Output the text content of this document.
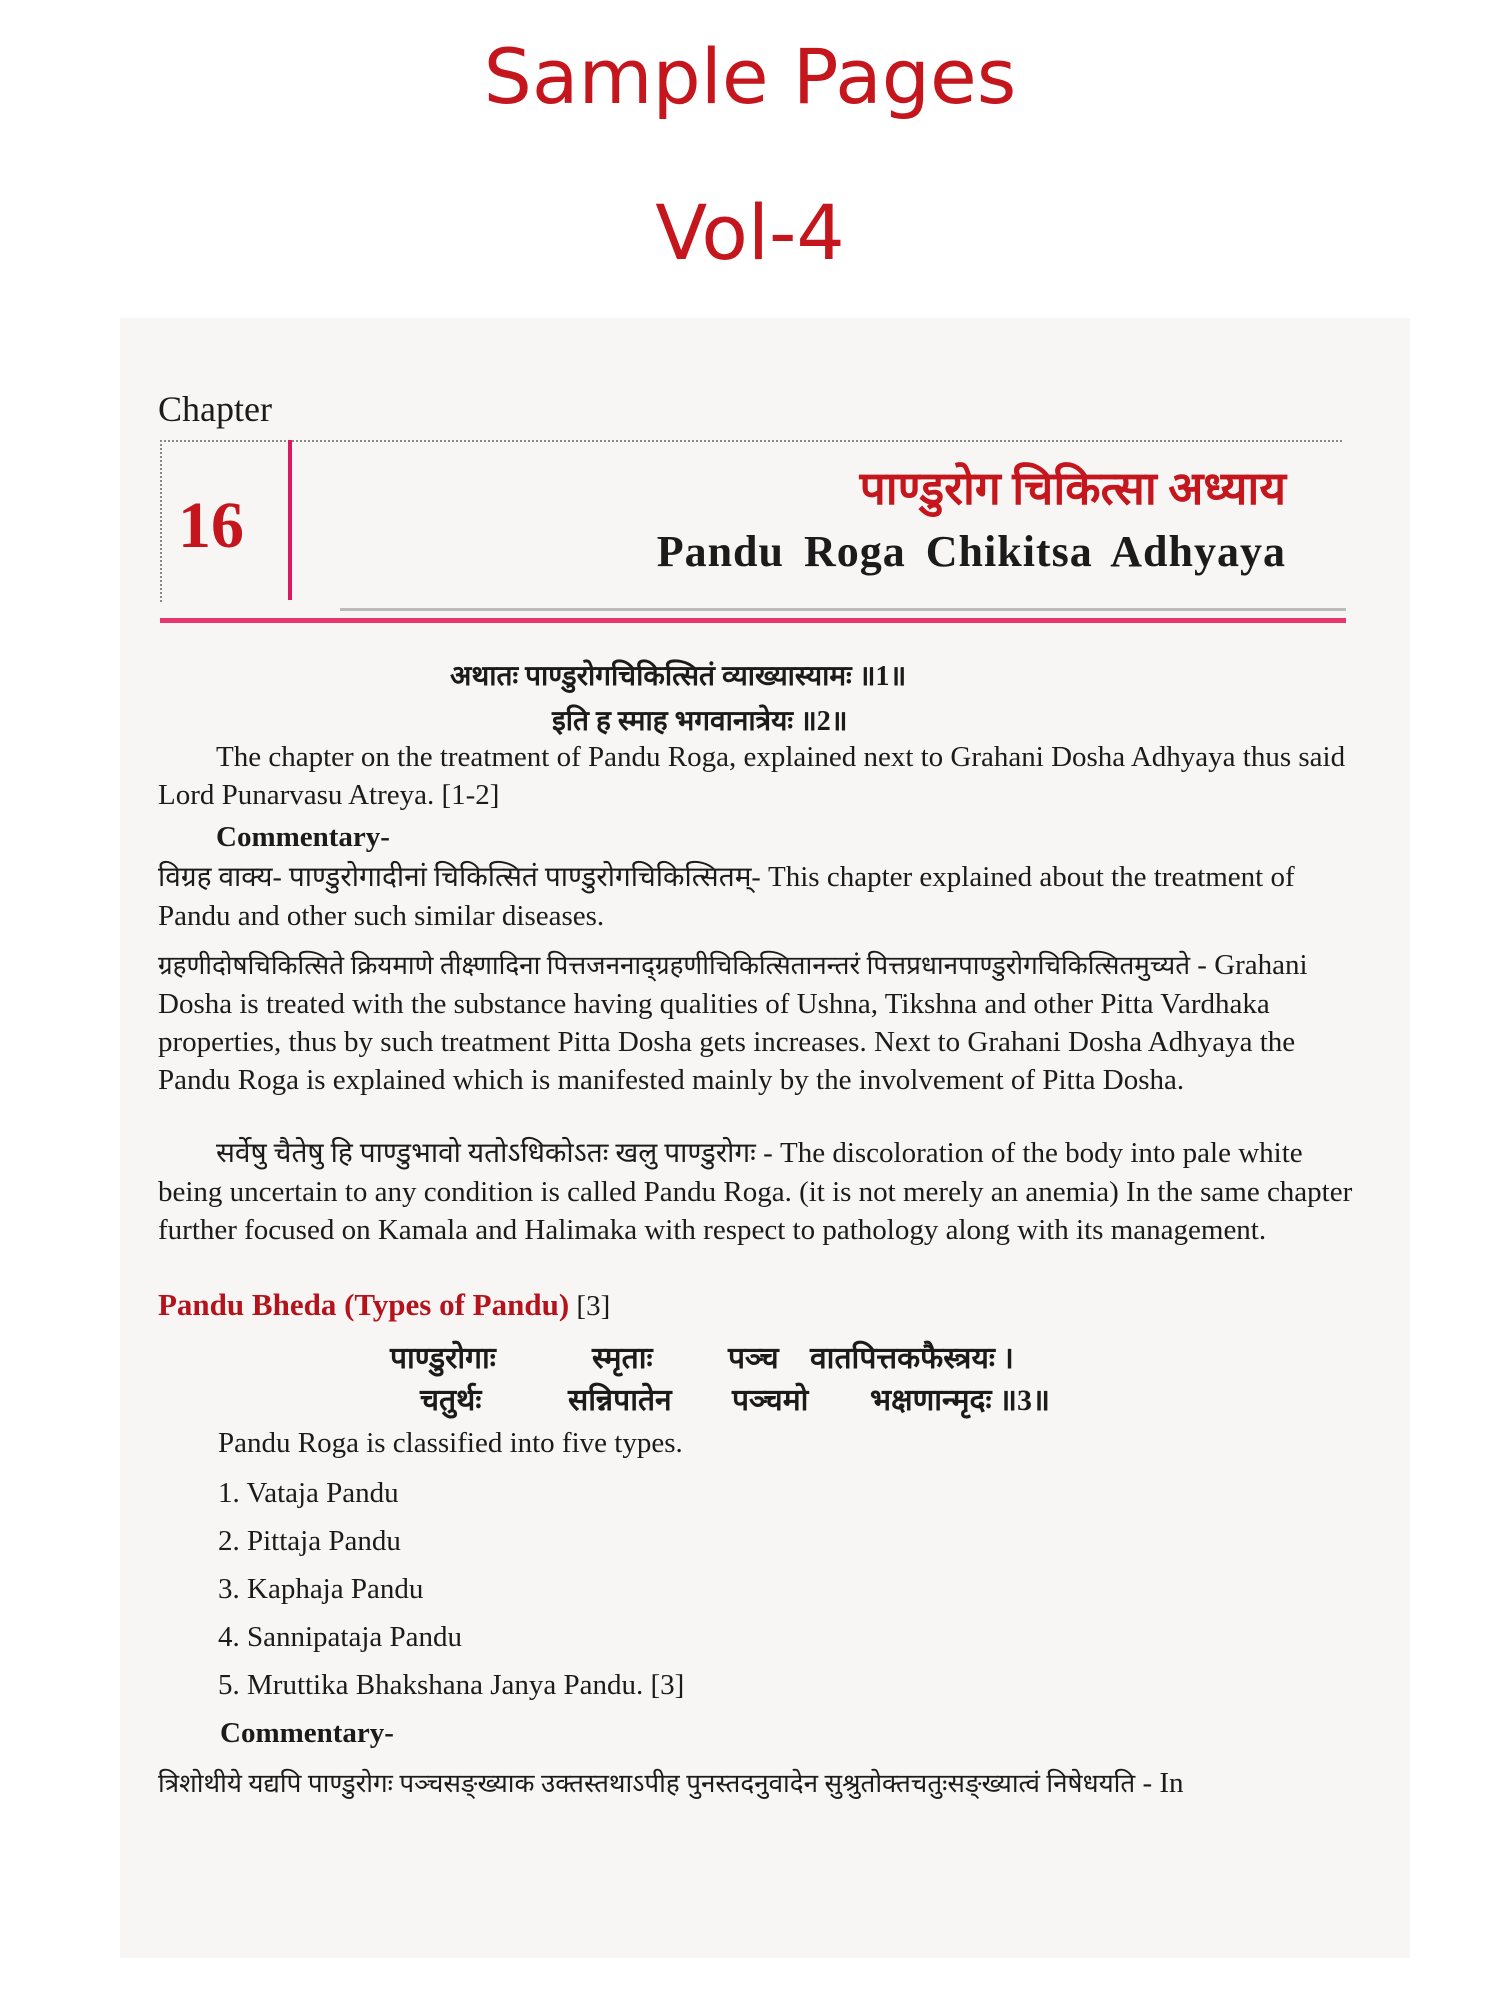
Sample Pages
Vol-4
Chapter
16
पाण्डुरोग चिकित्सा अध्याय
Pandu Roga Chikitsa Adhyaya
अथातः पाण्डुरोगचिकित्सितं व्याख्यास्यामः ॥1॥
इति ह स्माह भगवानात्रेयः ॥2॥
The chapter on the treatment of Pandu Roga, explained next to Grahani Dosha Adhyaya thus said Lord Punarvasu Atreya. [1-2]
Commentary-
विग्रह वाक्य- पाण्डुरोगादीनां चिकित्सितं पाण्डुरोगचिकित्सितम्- This chapter explained about the treatment of Pandu and other such similar diseases.
ग्रहणीदोषचिकित्सिते क्रियमाणे तीक्ष्णादिना पित्तजननाद्ग्रहणीचिकित्सितानन्तरं पित्तप्रधानपाण्डुरोगचिकित्सितमुच्यते - Grahani Dosha is treated with the substance having qualities of Ushna, Tikshna and other Pitta Vardhaka properties, thus by such treatment Pitta Dosha gets increases. Next to Grahani Dosha Adhyaya the Pandu Roga is explained which is manifested mainly by the involvement of Pitta Dosha.
सर्वेषु चैतेषु हि पाण्डुभावो यतोऽधिकोऽतः खलु पाण्डुरोगः - The discoloration of the body into pale white being uncertain to any condition is called Pandu Roga. (it is not merely an anemia) In the same chapter further focused on Kamala and Halimaka with respect to pathology along with its management.
Pandu Bheda (Types of Pandu) [3]
पाण्डुरोगाः	स्मृताः	पञ्च वातपित्तकफैस्त्रयः ।
चतुर्थः	सन्निपातेन पञ्चमो भक्षणान्मृदः ॥3॥
Pandu Roga is classified into five types.
1. Vataja Pandu
2. Pittaja Pandu
3. Kaphaja Pandu
4. Sannipataja Pandu
5. Mruttika Bhakshana Janya Pandu. [3]
Commentary-
त्रिशोथीये यद्यपि पाण्डुरोगः पञ्चसङ्ख्याक उक्तस्तथाऽपीह पुनस्तदनुवादेन सुश्रुतोक्तचतुःसङ्ख्यात्वं निषेधयति - In
